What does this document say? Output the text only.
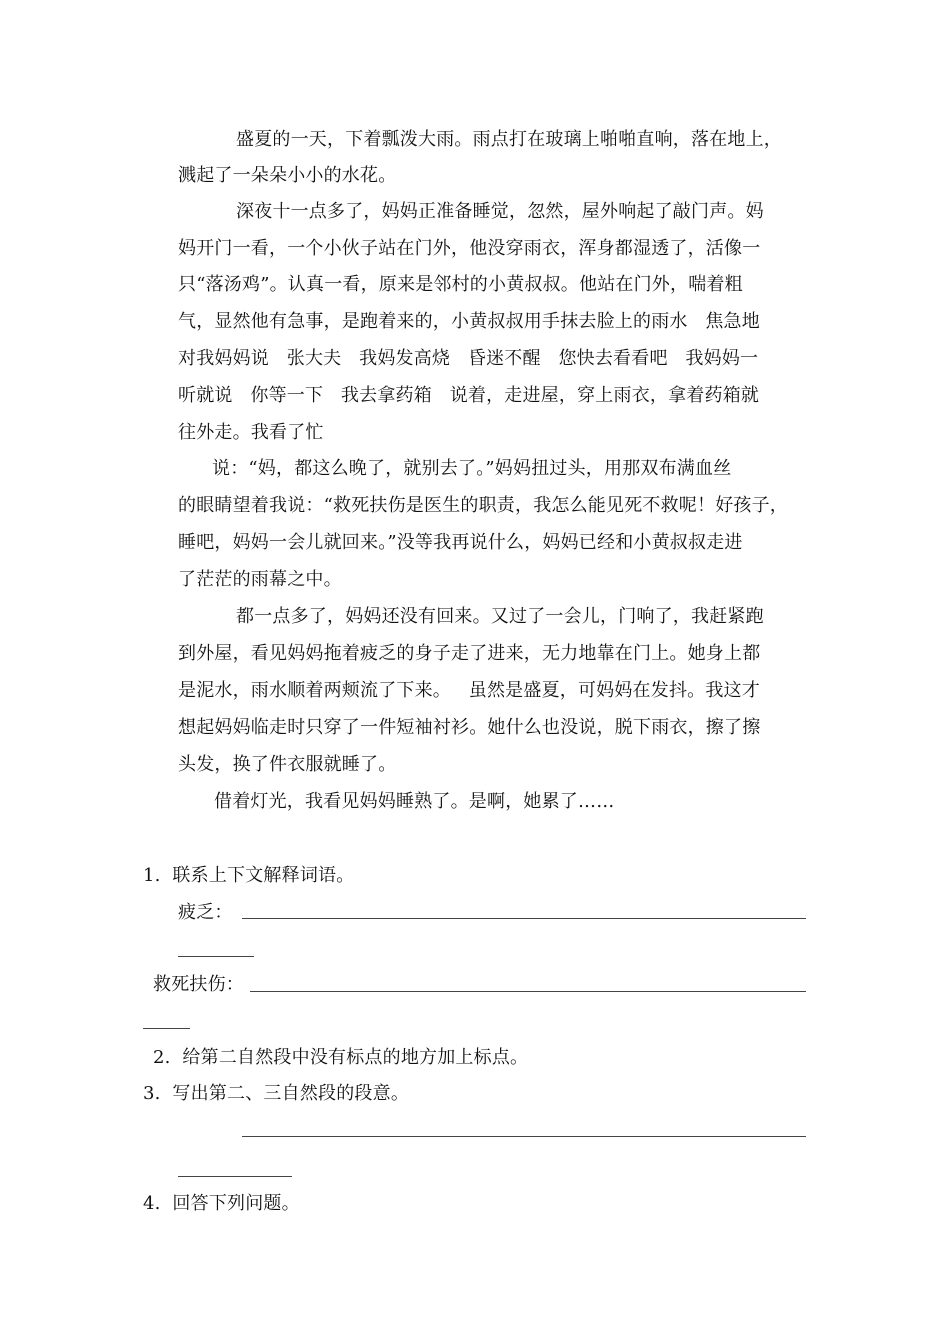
盛夏的一天，下着瓢泼大雨。雨点打在玻璃上啪啪直响，落在地上，
溅起了一朵朵小小的水花。
深夜十一点多了，妈妈正准备睡觉，忽然，屋外响起了敲门声。妈
妈开门一看，一个小伙子站在门外，他没穿雨衣，浑身都湿透了，活像一
只“落汤鸡”。认真一看，原来是邻村的小黄叔叔。他站在门外，喘着粗
气，显然他有急事，是跑着来的，小黄叔叔用手抹去脸上的雨水   焦急地
对我妈妈说   张大夫   我妈发高烧   昏迷不醒   您快去看看吧   我妈妈一
听就说   你等一下   我去拿药箱   说着，走进屋，穿上雨衣，拿着药箱就
往外走。我看了忙
说：“妈，都这么晚了，就别去了。”妈妈扭过头，用那双布满血丝
的眼睛望着我说：“救死扶伤是医生的职责，我怎么能见死不救呢！好孩子，
睡吧，妈妈一会儿就回来。”没等我再说什么，妈妈已经和小黄叔叔走进
了茫茫的雨幕之中。
都一点多了，妈妈还没有回来。又过了一会儿，门响了，我赶紧跑
到外屋，看见妈妈拖着疲乏的身子走了进来，无力地靠在门上。她身上都
是泥水，雨水顺着两颊流了下来。   虽然是盛夏，可妈妈在发抖。我这才
想起妈妈临走时只穿了一件短袖衬衫。她什么也没说，脱下雨衣，擦了擦
头发，换了件衣服就睡了。
借着灯光，我看见妈妈睡熟了。是啊，她累了……
1.  联系上下文解释词语。
疲乏：
救死扶伤：
2.  给第二自然段中没有标点的地方加上标点。
3.  写出第二、三自然段的段意。
4.  回答下列问题。
